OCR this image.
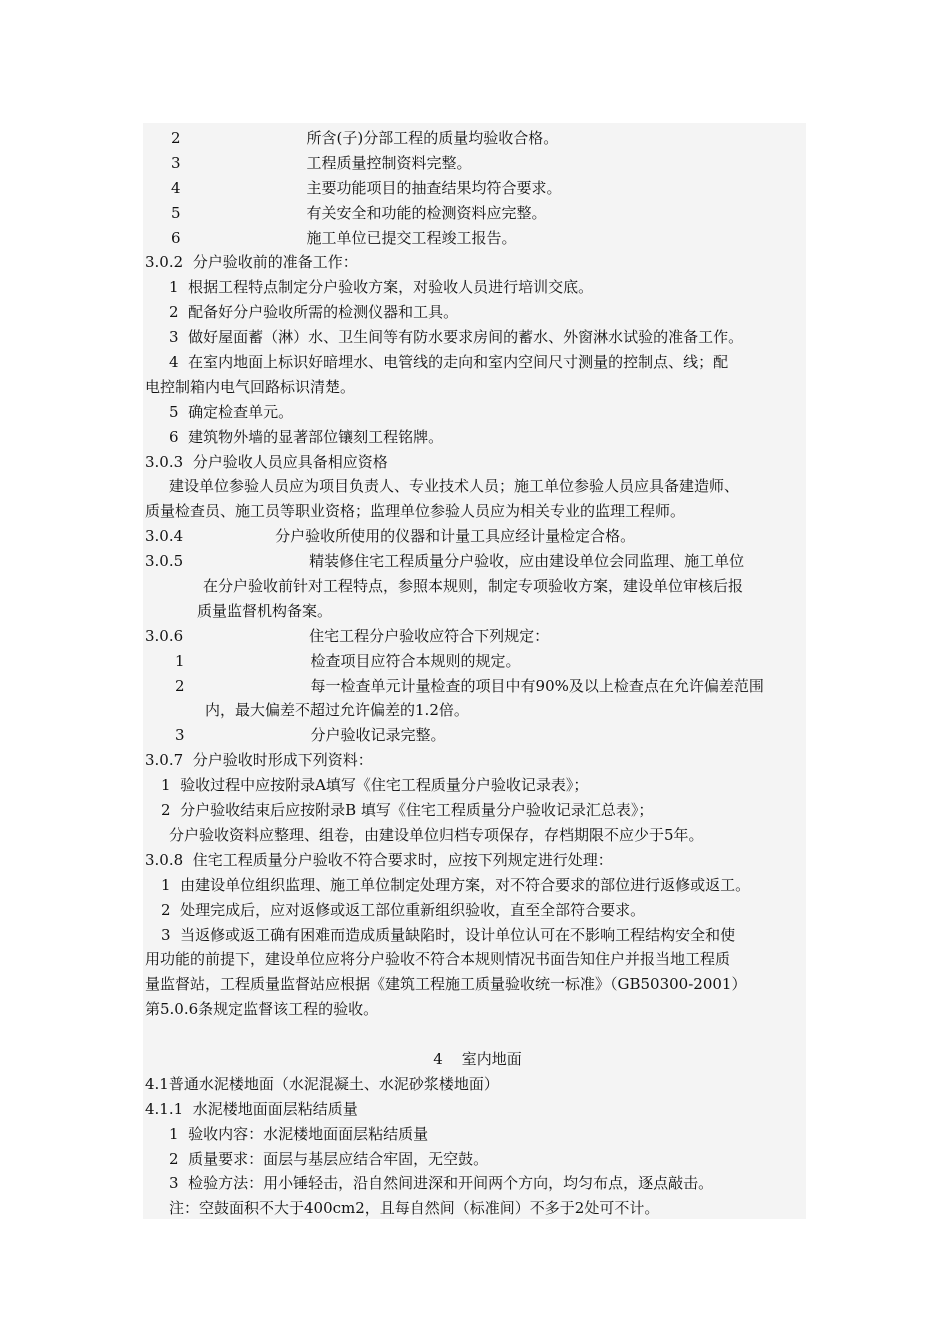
2	所含(子)分部工程的质量均验收合格。
3	工程质量控制资料完整。
4	主要功能项目的抽查结果均符合要求。
5	有关安全和功能的检测资料应完整。
6	施工单位已提交工程竣工报告。
3.0.2  分户验收前的准备工作：
1  根据工程特点制定分户验收方案，对验收人员进行培训交底。
2  配备好分户验收所需的检测仪器和工具。
3  做好屋面蓄（淋）水、卫生间等有防水要求房间的蓄水、外窗淋水试验的准备工作。
4  在室内地面上标识好暗埋水、电管线的走向和室内空间尺寸测量的控制点、线；配
电控制箱内电气回路标识清楚。
5  确定检查单元。
6  建筑物外墙的显著部位镶刻工程铭牌。
3.0.3  分户验收人员应具备相应资格
建设单位参验人员应为项目负责人、专业技术人员；施工单位参验人员应具备建造师、
质量检查员、施工员等职业资格；监理单位参验人员应为相关专业的监理工程师。
3.0.4	分户验收所使用的仪器和计量工具应经计量检定合格。
3.0.5	精装修住宅工程质量分户验收，应由建设单位会同监理、施工单位
在分户验收前针对工程特点，参照本规则，制定专项验收方案，建设单位审核后报
质量监督机构备案。
3.0.6	住宅工程分户验收应符合下列规定：
1	检查项目应符合本规则的规定。
2	每一检查单元计量检查的项目中有90%及以上检查点在允许偏差范围
内，最大偏差不超过允许偏差的1.2倍。
3	分户验收记录完整。
3.0.7  分户验收时形成下列资料：
1  验收过程中应按附录A填写《住宅工程质量分户验收记录表》；
2  分户验收结束后应按附录B 填写《住宅工程质量分户验收记录汇总表》；
分户验收资料应整理、组卷，由建设单位归档专项保存，存档期限不应少于5年。
3.0.8  住宅工程质量分户验收不符合要求时，应按下列规定进行处理：
1  由建设单位组织监理、施工单位制定处理方案，对不符合要求的部位进行返修或返工。
2  处理完成后，应对返修或返工部位重新组织验收，直至全部符合要求。
3  当返修或返工确有困难而造成质量缺陷时，设计单位认可在不影响工程结构安全和使
用功能的前提下，建设单位应将分户验收不符合本规则情况书面告知住户并报当地工程质
量监督站，工程质量监督站应根据《建筑工程施工质量验收统一标准》（GB50300-2001）
第5.0.6条规定监督该工程的验收。
4    室内地面
4.1普通水泥楼地面（水泥混凝土、水泥砂浆楼地面）
4.1.1  水泥楼地面面层粘结质量
1  验收内容：水泥楼地面面层粘结质量
2  质量要求：面层与基层应结合牢固，无空鼓。
3  检验方法：用小锤轻击，沿自然间进深和开间两个方向，均匀布点，逐点敲击。
注：空鼓面积不大于400cm2，且每自然间（标准间）不多于2处可不计。
